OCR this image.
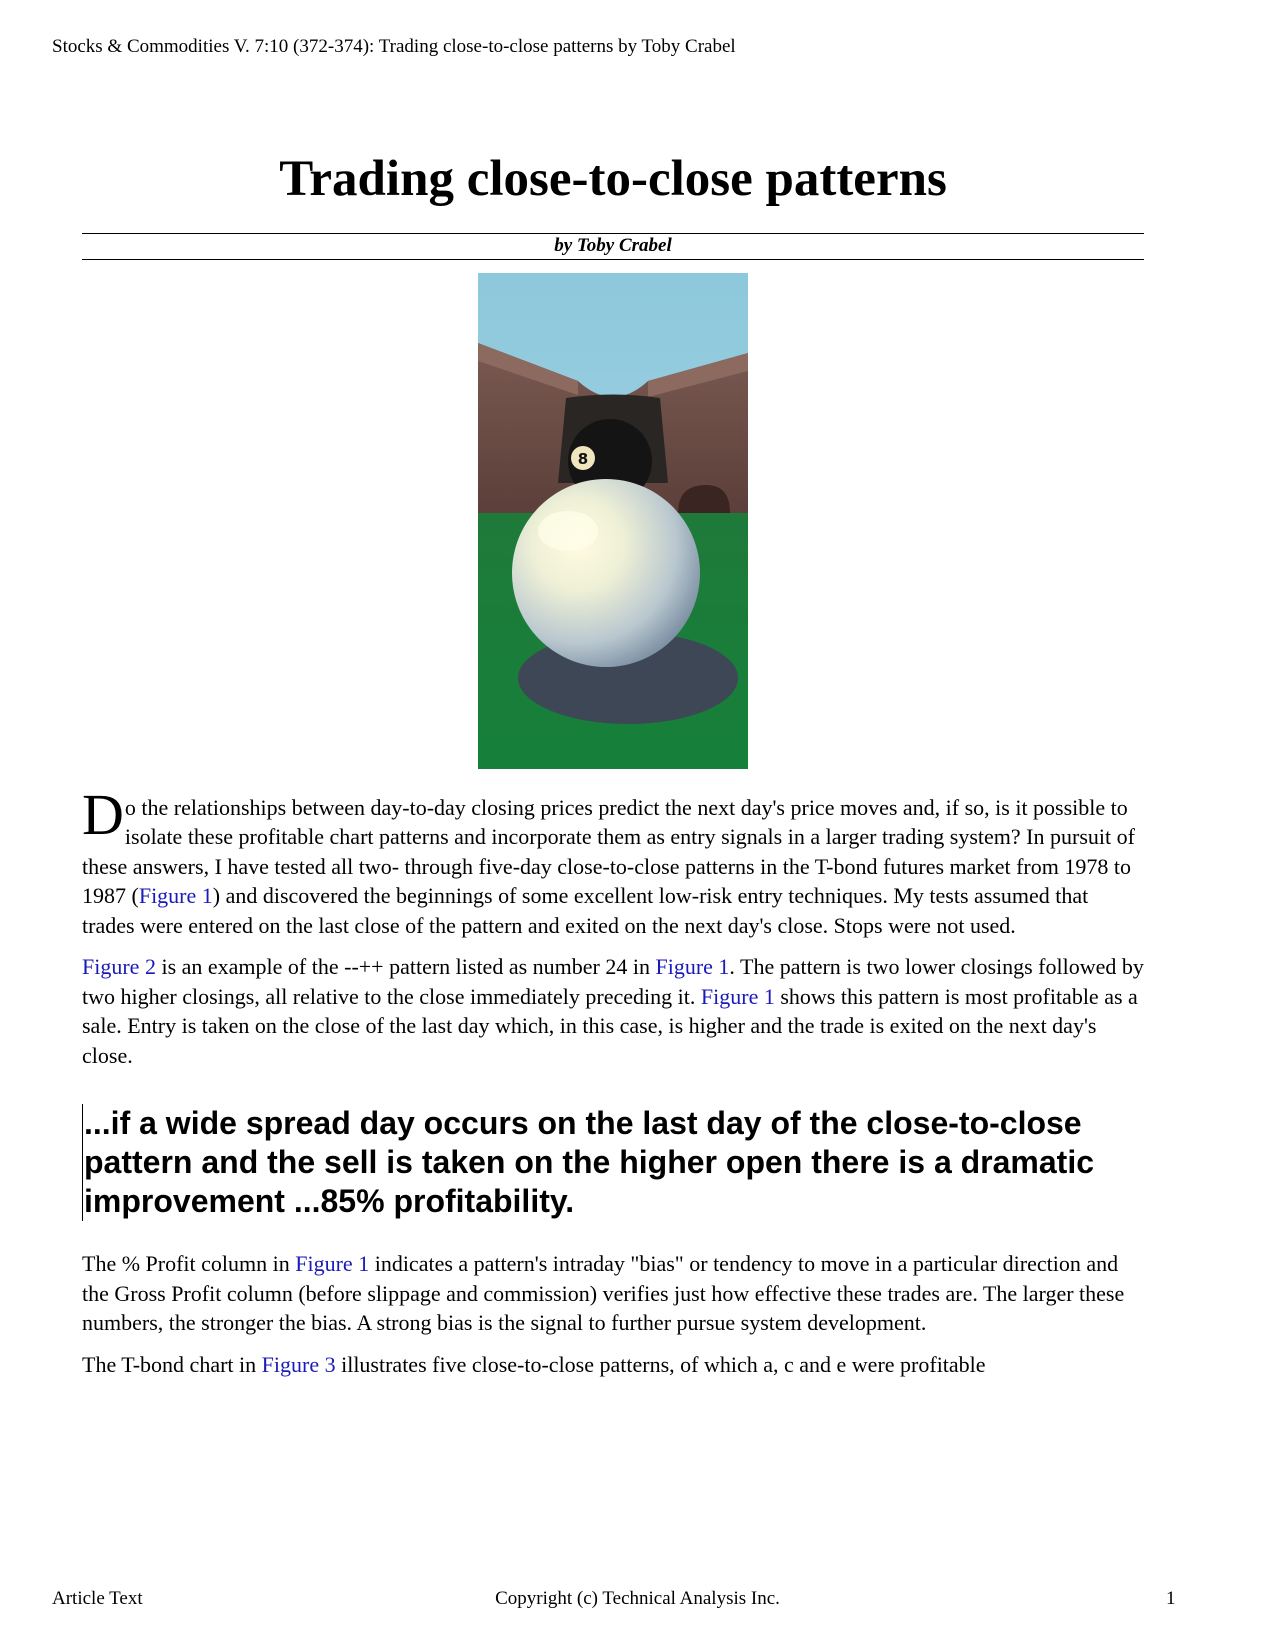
Stocks & Commodities V. 7:10 (372-374): Trading close-to-close patterns by Toby Crabel
Trading close-to-close patterns
by Toby Crabel
8

Do the relationships between day-to-day closing prices predict the next day's price moves and, if so, is it possible to isolate these profitable chart patterns and incorporate them as entry signals in a larger trading system? In pursuit of these answers, I have tested all two- through five-day close-to-close patterns in the T-bond futures market from 1978 to 1987 (Figure 1) and discovered the beginnings of some excellent low-risk entry techniques. My tests assumed that trades were entered on the last close of the pattern and exited on the next day's close. Stops were not used.

Figure 2 is an example of the --++ pattern listed as number 24 in Figure 1. The pattern is two lower closings followed by two higher closings, all relative to the close immediately preceding it. Figure 1 shows this pattern is most profitable as a sale. Entry is taken on the close of the last day which, in this case, is higher and the trade is exited on the next day's close.

...if a wide spread day occurs on the last day of the close-to-close pattern and the sell is taken on the higher open there is a dramatic improvement ...85% profitability.

The % Profit column in Figure 1 indicates a pattern's intraday "bias" or tendency to move in a particular direction and the Gross Profit column (before slippage and commission) verifies just how effective these trades are. The larger these numbers, the stronger the bias. A strong bias is the signal to further pursue system development.

The T-bond chart in Figure 3 illustrates five close-to-close patterns, of which a, c and e were profitable

Article Text	Copyright (c) Technical Analysis Inc.	1
